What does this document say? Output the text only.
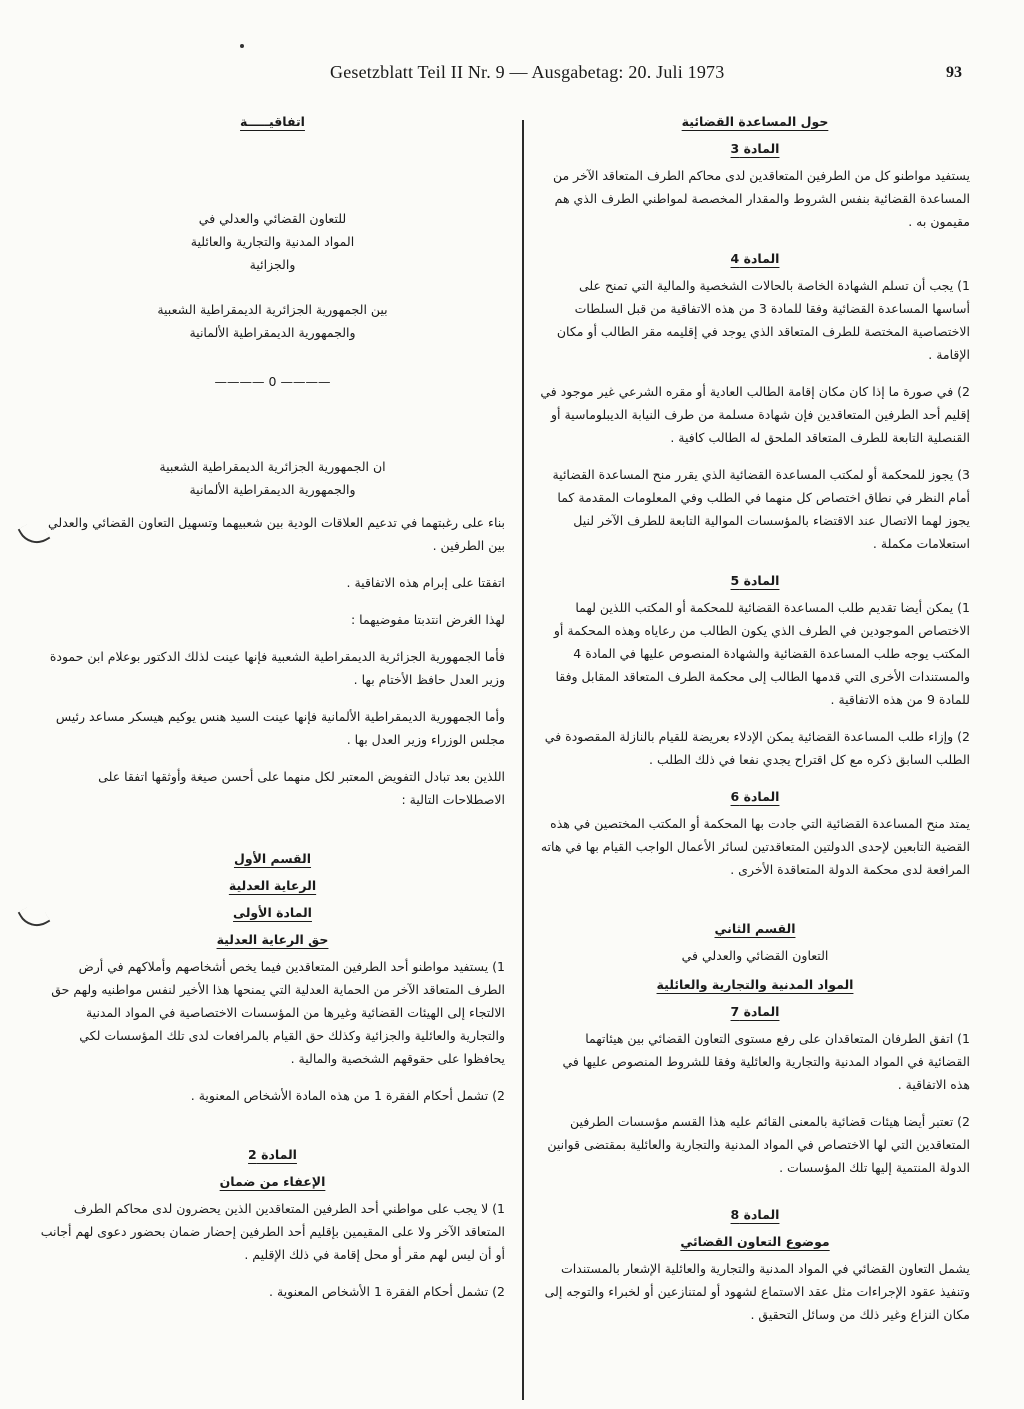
Gesetzblatt Teil II Nr. 9 — Ausgabetag: 20. Juli 1973	93
حول المساعدة القضائية
المادة 3

يستفيد مواطنو كل من الطرفين المتعاقدين لدى محاكم الطرف المتعاقد الآخر من المساعدة القضائية بنفس الشروط والمقدار المخصصة لمواطني الطرف الذي هم مقيمون به .

المادة 4

1) يجب أن تسلم الشهادة الخاصة بالحالات الشخصية والمالية التي تمنح على أساسها المساعدة القضائية وفقا للمادة 3 من هذه الاتفاقية من قبل السلطات الاختصاصية المختصة للطرف المتعاقد الذي يوجد في إقليمه مقر الطالب أو مكان الإقامة .

2) في صورة ما إذا كان مكان إقامة الطالب العادية أو مقره الشرعي غير موجود في إقليم أحد الطرفين المتعاقدين فإن شهادة مسلمة من طرف النيابة الديبلوماسية أو القنصلية التابعة للطرف المتعاقد الملحق له الطالب كافية .

3) يجوز للمحكمة أو لمكتب المساعدة القضائية الذي يقرر منح المساعدة القضائية أمام النظر في نطاق اختصاص كل منهما في الطلب وفي المعلومات المقدمة كما يجوز لهما الاتصال عند الاقتضاء بالمؤسسات الموالية التابعة للطرف الآخر لنيل استعلامات مكملة .

المادة 5

1) يمكن أيضا تقديم طلب المساعدة القضائية للمحكمة أو المكتب اللذين لهما الاختصاص الموجودين في الطرف الذي يكون الطالب من رعاياه وهذه المحكمة أو المكتب يوجه طلب المساعدة القضائية والشهادة المنصوص عليها في المادة 4 والمستندات الأخرى التي قدمها الطالب إلى محكمة الطرف المتعاقد المقابل وفقا للمادة 9 من هذه الاتفاقية .

2) وإزاء طلب المساعدة القضائية يمكن الإدلاء بعريضة للقيام بالنازلة المقصودة في الطلب السابق ذكره مع كل اقتراح يجدي نفعا في ذلك الطلب .

المادة 6

يمتد منح المساعدة القضائية التي جادت بها المحكمة أو المكتب المختصين في هذه القضية التابعين لإحدى الدولتين المتعاقدتين لسائر الأعمال الواجب القيام بها في هاته المرافعة لدى محكمة الدولة المتعاقدة الأخرى .

القسم الثاني
التعاون القضائي والعدلي في
المواد المدنية والتجارية والعائلية
المادة 7

1) اتفق الطرفان المتعاقدان على رفع مستوى التعاون القضائي بين هيئاتهما القضائية في المواد المدنية والتجارية والعائلية وفقا للشروط المنصوص عليها في هذه الاتفاقية .

2) تعتبر أيضا هيئات قضائية بالمعنى القائم عليه هذا القسم مؤسسات الطرفين المتعاقدين التي لها الاختصاص في المواد المدنية والتجارية والعائلية بمقتضى قوانين الدولة المنتمية إليها تلك المؤسسات .

المادة 8
موضوع التعاون القضائي

يشمل التعاون القضائي في المواد المدنية والتجارية والعائلية الإشعار بالمستندات وتنفيذ عقود الإجراءات مثل عقد الاستماع لشهود أو لمتنازعين أو لخبراء والتوجه إلى مكان النزاع وغير ذلك من وسائل التحقيق .

اتفاقيـــــة
للتعاون القضائي والعدلي في
المواد المدنية والتجارية والعائلية
والجزائية
بين الجمهورية الجزائرية الديمقراطية الشعبية
والجمهورية الديمقراطية الألمانية
———— 0 ————
ان الجمهورية الجزائرية الديمقراطية الشعبية
والجمهورية الديمقراطية الألمانية

بناء على رغبتهما في تدعيم العلاقات الودية بين شعبيهما وتسهيل التعاون القضائي والعدلي بين الطرفين .

اتفقتا على إبرام هذه الاتفاقية .

لهذا الغرض انتدبتا مفوضيهما :

فأما الجمهورية الجزائرية الديمقراطية الشعبية فإنها عينت لذلك الدكتور بوعلام ابن حمودة وزير العدل حافظ الأختام بها .

وأما الجمهورية الديمقراطية الألمانية فإنها عينت السيد هنس يوكيم هيسكر مساعد رئيس مجلس الوزراء وزير العدل بها .

اللذين بعد تبادل التفويض المعتبر لكل منهما على أحسن صيغة وأوثقها اتفقا على الاصطلاحات التالية :

القسم الأول
الرعاية العدلية
المادة الأولى
حق الرعاية العدلية

1) يستفيد مواطنو أحد الطرفين المتعاقدين فيما يخص أشخاصهم وأملاكهم في أرض الطرف المتعاقد الآخر من الحماية العدلية التي يمنحها هذا الأخير لنفس مواطنيه ولهم حق الالتجاء إلى الهيئات القضائية وغيرها من المؤسسات الاختصاصية في المواد المدنية والتجارية والعائلية والجزائية وكذلك حق القيام بالمرافعات لدى تلك المؤسسات لكي يحافظوا على حقوقهم الشخصية والمالية .

2) تشمل أحكام الفقرة 1 من هذه المادة الأشخاص المعنوية .

المادة 2
الإعفاء من ضمان

1) لا يجب على مواطني أحد الطرفين المتعاقدين الذين يحضرون لدى محاكم الطرف المتعاقد الآخر ولا على المقيمين بإقليم أحد الطرفين إحضار ضمان بحضور دعوى لهم أجانب أو أن ليس لهم مقر أو محل إقامة في ذلك الإقليم .

2) تشمل أحكام الفقرة 1 الأشخاص المعنوية .
